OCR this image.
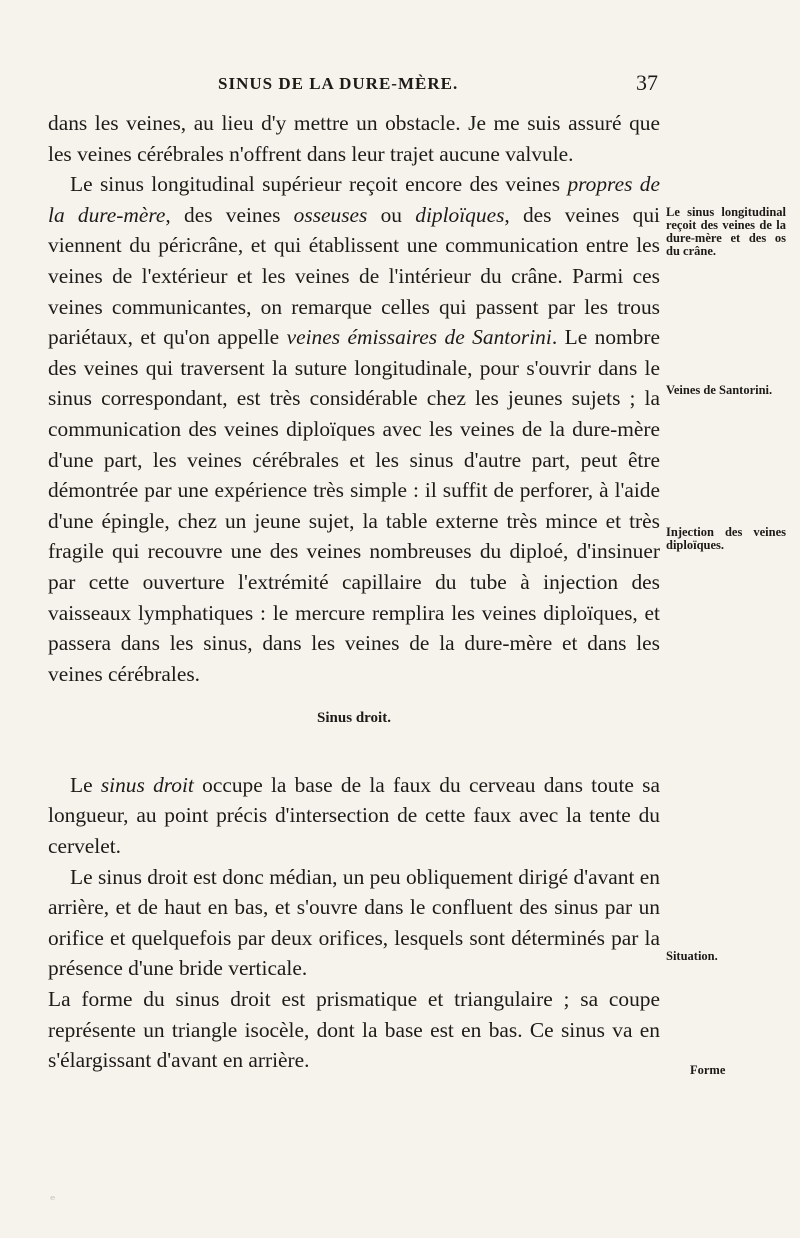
SINUS DE LA DURE-MÈRE.	37

dans les veines, au lieu d'y mettre un obstacle. Je me suis assuré que les veines cérébrales n'offrent dans leur trajet aucune valvule.

Le sinus longitudinal supérieur reçoit encore des veines propres de la dure-mère, des veines osseuses ou diploïques, des veines qui viennent du péricrâne, et qui établissent une communication entre les veines de l'extérieur et les veines de l'intérieur du crâne. Parmi ces veines communicantes, on remarque celles qui passent par les trous pariétaux, et qu'on appelle veines émissaires de Santorini. Le nombre des veines qui traversent la suture longitudinale, pour s'ouvrir dans le sinus correspondant, est très considérable chez les jeunes sujets ; la communication des veines diploïques avec les veines de la dure-mère d'une part, les veines cérébrales et les sinus d'autre part, peut être démontrée par une expérience très simple : il suffit de perforer, à l'aide d'une épingle, chez un jeune sujet, la table externe très mince et très fragile qui recouvre une des veines nombreuses du diploé, d'insinuer par cette ouverture l'extrémité capillaire du tube à injection des vaisseaux lymphatiques : le mercure remplira les veines diploïques, et passera dans les sinus, dans les veines de la dure-mère et dans les veines cérébrales.

Sinus droit.

Le sinus droit occupe la base de la faux du cerveau dans toute sa longueur, au point précis d'intersection de cette faux avec la tente du cervelet.

Le sinus droit est donc médian, un peu obliquement dirigé d'avant en arrière, et de haut en bas, et s'ouvre dans le confluent des sinus par un orifice et quelquefois par deux orifices, lesquels sont déterminés par la présence d'une bride verticale.

La forme du sinus droit est prismatique et triangulaire ; sa coupe représente un triangle isocèle, dont la base est en bas. Ce sinus va en s'élargissant d'avant en arrière.

Le sinus longitudinal reçoit des veines de la dure-mère et des os du crâne.
Veines de Santorini.
Injection des veines diploïques.
Situation.
Forme
ₑ
